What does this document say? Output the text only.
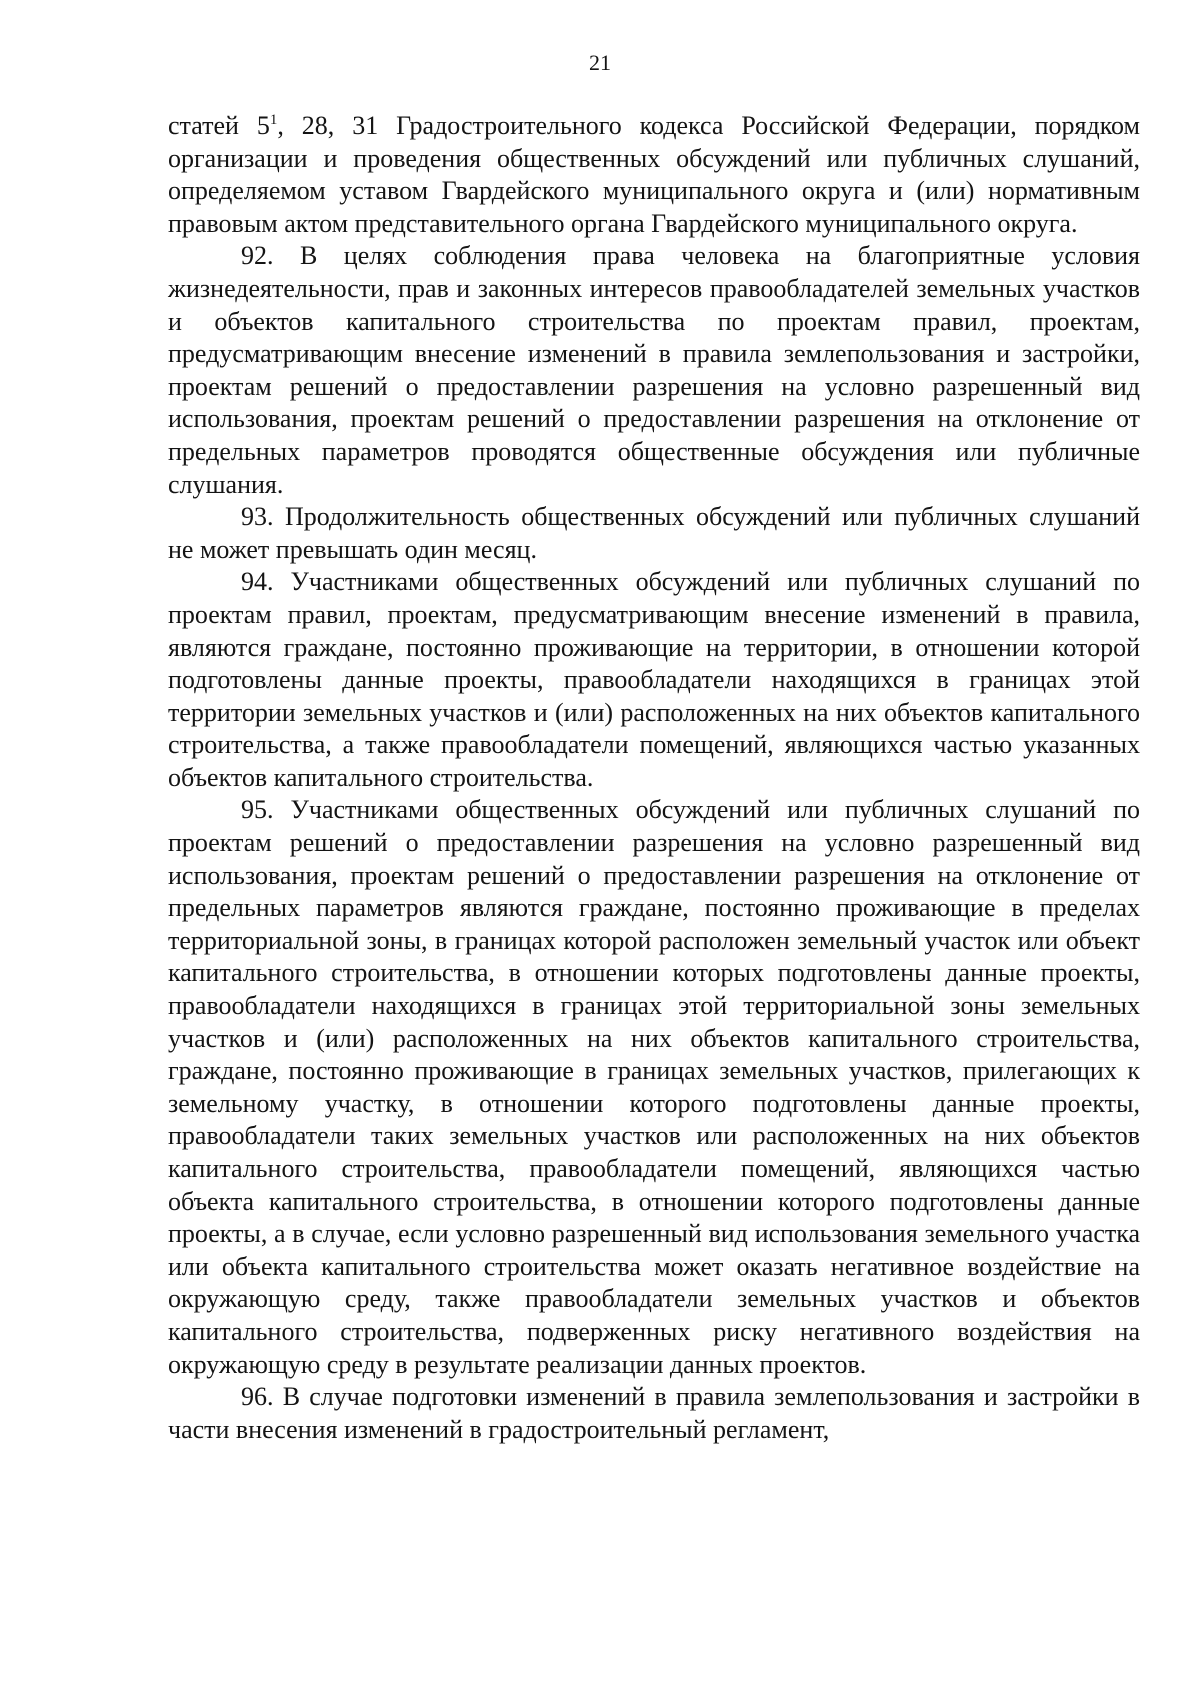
21

статей $5^1$, 28, 31 Градостроительного кодекса Российской Федерации, порядком организации и проведения общественных обсуждений или публичных слушаний, определяемом уставом Гвардейского муниципального округа и (или) нормативным правовым актом представительного органа Гвардейского муниципального округа.

92. В целях соблюдения права человека на благоприятные условия жизнедеятельности, прав и законных интересов правообладателей земельных участков и объектов капитального строительства по проектам правил, проектам, предусматривающим внесение изменений в правила землепользования и застройки, проектам решений о предоставлении разрешения на условно разрешенный вид использования, проектам решений о предоставлении разрешения на отклонение от предельных параметров проводятся общественные обсуждения или публичные слушания.

93. Продолжительность общественных обсуждений или публичных слушаний не может превышать один месяц.

94. Участниками общественных обсуждений или публичных слушаний по проектам правил, проектам, предусматривающим внесение изменений в правила, являются граждане, постоянно проживающие на территории, в отношении которой подготовлены данные проекты, правообладатели находящихся в границах этой территории земельных участков и (или) расположенных на них объектов капитального строительства, а также правообладатели помещений, являющихся частью указанных объектов капитального строительства.

95. Участниками общественных обсуждений или публичных слушаний по проектам решений о предоставлении разрешения на условно разрешенный вид использования, проектам решений о предоставлении разрешения на отклонение от предельных параметров являются граждане, постоянно проживающие в пределах территориальной зоны, в границах которой расположен земельный участок или объект капитального строительства, в отношении которых подготовлены данные проекты, правообладатели находящихся в границах этой территориальной зоны земельных участков и (или) расположенных на них объектов капитального строительства, граждане, постоянно проживающие в границах земельных участков, прилегающих к земельному участку, в отношении которого подготовлены данные проекты, правообладатели таких земельных участков или расположенных на них объектов капитального строительства, правообладатели помещений, являющихся частью объекта капитального строительства, в отношении которого подготовлены данные проекты, а в случае, если условно разрешенный вид использования земельного участка или объекта капитального строительства может оказать негативное воздействие на окружающую среду, также правообладатели земельных участков и объектов капитального строительства, подверженных риску негативного воздействия на окружающую среду в результате реализации данных проектов.

96. В случае подготовки изменений в правила землепользования и застройки в части внесения изменений в градостроительный регламент,
